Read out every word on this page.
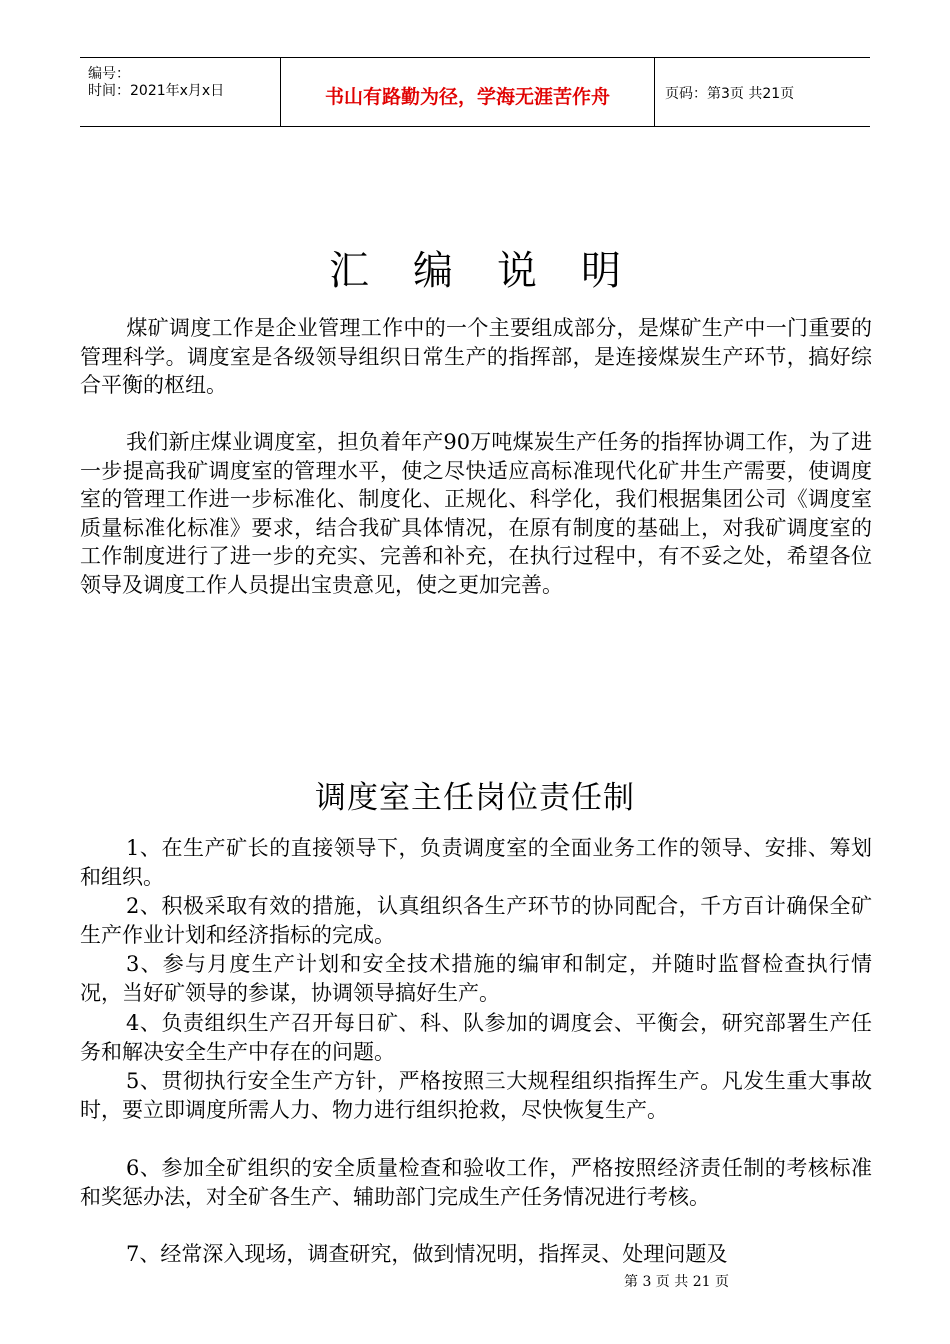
编号：
时间：2021年x月x日	书山有路勤为径，学海无涯苦作舟	页码：第3页 共21页
汇编说明

煤矿调度工作是企业管理工作中的一个主要组成部分，是煤矿生产中一门重要的管理科学。调度室是各级领导组织日常生产的指挥部，是连接煤炭生产环节，搞好综合平衡的枢纽。

我们新庄煤业调度室，担负着年产90万吨煤炭生产任务的指挥协调工作，为了进一步提高我矿调度室的管理水平，使之尽快适应高标准现代化矿井生产需要，使调度室的管理工作进一步标准化、制度化、正规化、科学化，我们根据集团公司《调度室质量标准化标准》要求，结合我矿具体情况，在原有制度的基础上，对我矿调度室的工作制度进行了进一步的充实、完善和补充，在执行过程中，有不妥之处，希望各位领导及调度工作人员提出宝贵意见，使之更加完善。

调度室主任岗位责任制

1、在生产矿长的直接领导下，负责调度室的全面业务工作的领导、安排、筹划和组织。

2、积极采取有效的措施，认真组织各生产环节的协同配合，千方百计确保全矿生产作业计划和经济指标的完成。

3、参与月度生产计划和安全技术措施的编审和制定，并随时监督检查执行情况，当好矿领导的参谋，协调领导搞好生产。

4、负责组织生产召开每日矿、科、队参加的调度会、平衡会，研究部署生产任务和解决安全生产中存在的问题。

5、贯彻执行安全生产方针，严格按照三大规程组织指挥生产。凡发生重大事故时，要立即调度所需人力、物力进行组织抢救，尽快恢复生产。

6、参加全矿组织的安全质量检查和验收工作，严格按照经济责任制的考核标准和奖惩办法，对全矿各生产、辅助部门完成生产任务情况进行考核。

7、经常深入现场，调查研究，做到情况明，指挥灵、处理问题及

第 3 页 共 21 页
